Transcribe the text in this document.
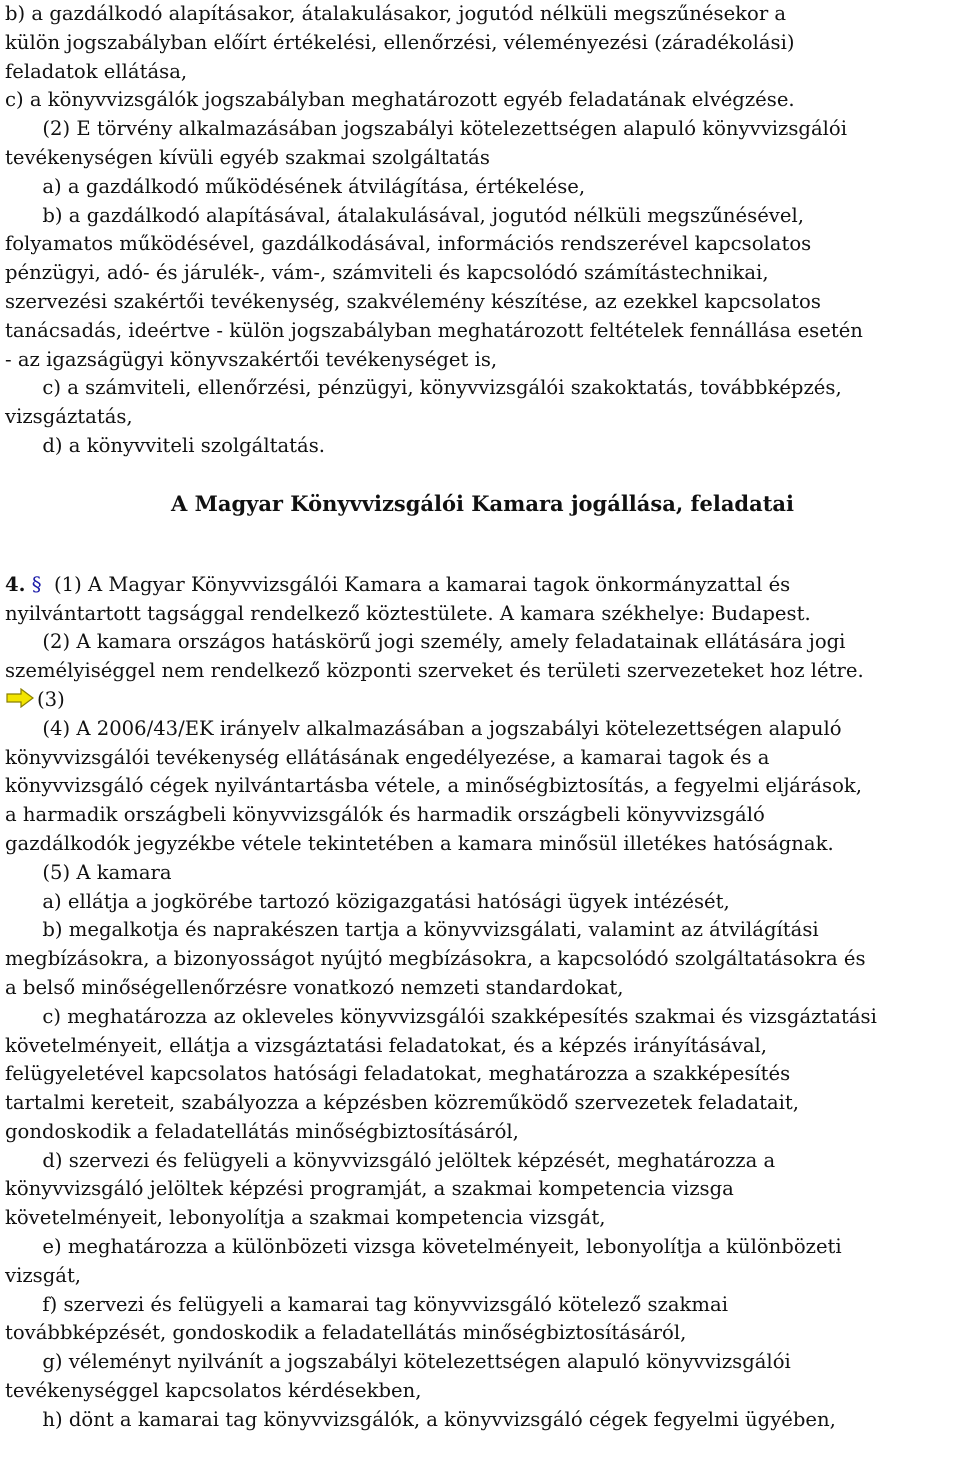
b) a gazdálkodó alapításakor, átalakulásakor, jogutód nélküli megszűnésekor a
külön jogszabályban előírt értékelési, ellenőrzési, véleményezési (záradékolási)
feladatok ellátása,
c) a könyvvizsgálók jogszabályban meghatározott egyéb feladatának elvégzése.
(2) E törvény alkalmazásában jogszabályi kötelezettségen alapuló könyvvizsgálói
tevékenységen kívüli egyéb szakmai szolgáltatás
a) a gazdálkodó működésének átvilágítása, értékelése,
b) a gazdálkodó alapításával, átalakulásával, jogutód nélküli megszűnésével,
folyamatos működésével, gazdálkodásával, információs rendszerével kapcsolatos
pénzügyi, adó- és járulék-, vám-, számviteli és kapcsolódó számítástechnikai,
szervezési szakértői tevékenység, szakvélemény készítése, az ezekkel kapcsolatos
tanácsadás, ideértve - külön jogszabályban meghatározott feltételek fennállása esetén
- az igazságügyi könyvszakértői tevékenységet is,
c) a számviteli, ellenőrzési, pénzügyi, könyvvizsgálói szakoktatás, továbbképzés,
vizsgáztatás,
d) a könyvviteli szolgáltatás.
A Magyar Könyvvizsgálói Kamara jogállása, feladatai
4. §  (1) A Magyar Könyvvizsgálói Kamara a kamarai tagok önkormányzattal és
nyilvántartott tagsággal rendelkező köztestülete. A kamara székhelye: Budapest.
(2) A kamara országos hatáskörű jogi személy, amely feladatainak ellátására jogi
személyiséggel nem rendelkező központi szerveket és területi szervezeteket hoz létre.
(3)
(4) A 2006/43/EK irányelv alkalmazásában a jogszabályi kötelezettségen alapuló
könyvvizsgálói tevékenység ellátásának engedélyezése, a kamarai tagok és a
könyvvizsgáló cégek nyilvántartásba vétele, a minőségbiztosítás, a fegyelmi eljárások,
a harmadik országbeli könyvvizsgálók és harmadik országbeli könyvvizsgáló
gazdálkodók jegyzékbe vétele tekintetében a kamara minősül illetékes hatóságnak.
(5) A kamara
a) ellátja a jogkörébe tartozó közigazgatási hatósági ügyek intézését,
b) megalkotja és naprakészen tartja a könyvvizsgálati, valamint az átvilágítási
megbízásokra, a bizonyosságot nyújtó megbízásokra, a kapcsolódó szolgáltatásokra és
a belső minőségellenőrzésre vonatkozó nemzeti standardokat,
c) meghatározza az okleveles könyvvizsgálói szakképesítés szakmai és vizsgáztatási
követelményeit, ellátja a vizsgáztatási feladatokat, és a képzés irányításával,
felügyeletével kapcsolatos hatósági feladatokat, meghatározza a szakképesítés
tartalmi kereteit, szabályozza a képzésben közreműködő szervezetek feladatait,
gondoskodik a feladatellátás minőségbiztosításáról,
d) szervezi és felügyeli a könyvvizsgáló jelöltek képzését, meghatározza a
könyvvizsgáló jelöltek képzési programját, a szakmai kompetencia vizsga
követelményeit, lebonyolítja a szakmai kompetencia vizsgát,
e) meghatározza a különbözeti vizsga követelményeit, lebonyolítja a különbözeti
vizsgát,
f) szervezi és felügyeli a kamarai tag könyvvizsgáló kötelező szakmai
továbbképzését, gondoskodik a feladatellátás minőségbiztosításáról,
g) véleményt nyilvánít a jogszabályi kötelezettségen alapuló könyvvizsgálói
tevékenységgel kapcsolatos kérdésekben,
h) dönt a kamarai tag könyvvizsgálók, a könyvvizsgáló cégek fegyelmi ügyében,
